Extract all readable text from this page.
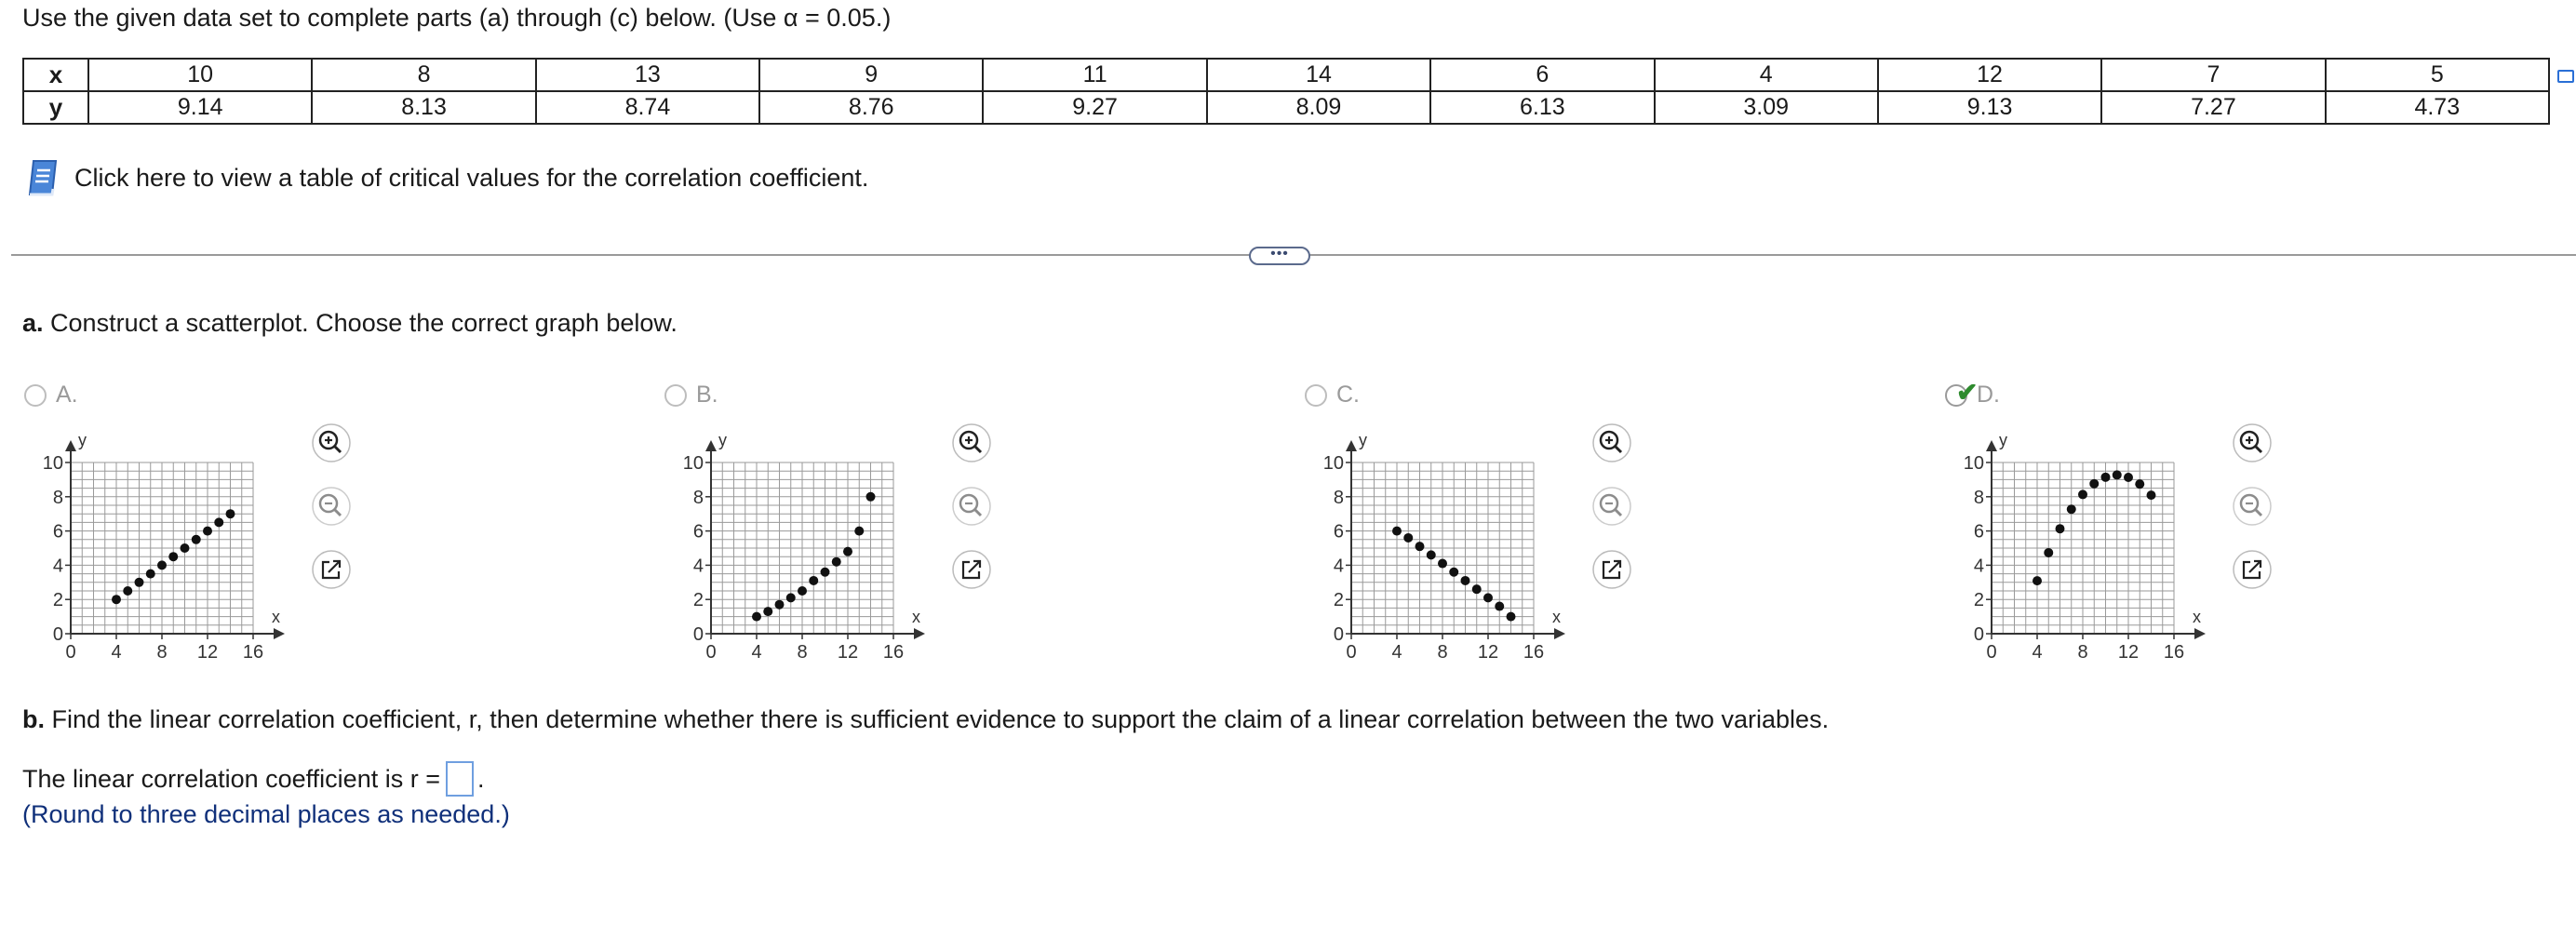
Use the given data set to complete parts (a) through (c) below. (Use α = 0.05.)
x	10	8	13	9	11	14	6	4	12	7	5
y	9.14	8.13	8.74	8.76	9.27	8.09	6.13	3.09	9.13	7.27	4.73
Click here to view a table of critical values for the correlation coefficient.
•••
a. Construct a scatterplot. Choose the correct graph below.
A.
x
y
0 4 8 12 16
0
2
4
6
8
10
B.
x
y
0 4 8 12 16
0
2
4
6
8
10
C.
x
y
0 4 8 12 16
0
2
4
6
8
10
✔
D.
x
y
0 4 8 12 16
0
2
4
6
8
10
b. Find the linear correlation coefficient, r, then determine whether there is sufficient evidence to support the claim of a linear correlation between the two variables.
The linear correlation coefficient is r = .
(Round to three decimal places as needed.)
